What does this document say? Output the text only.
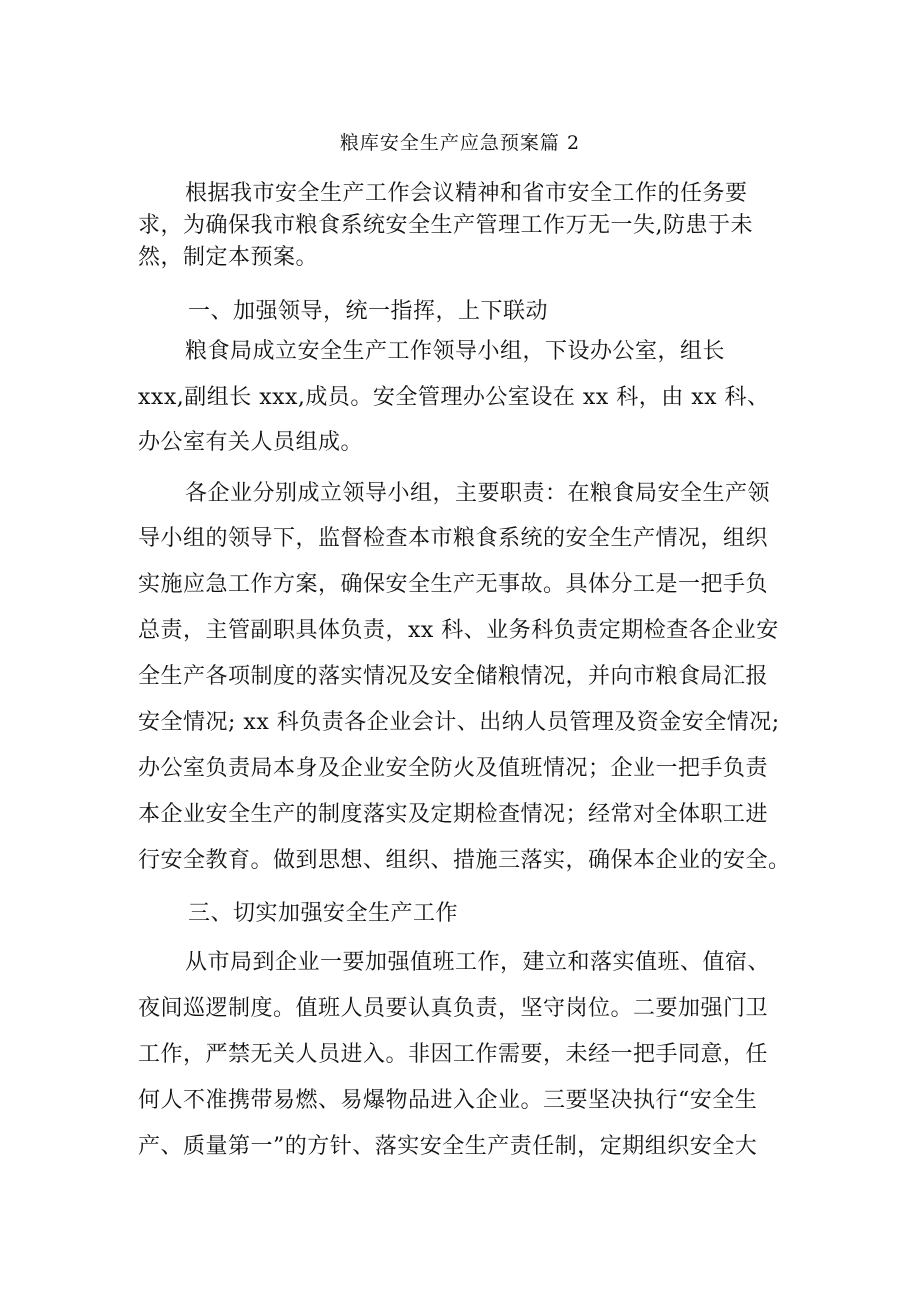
粮库安全生产应急预案篇 2
根据我市安全生产工作会议精神和省市安全工作的任务要
求，为确保我市粮食系统安全生产管理工作万无一失,防患于未
然，制定本预案。
一、加强领导，统一指挥，上下联动
粮食局成立安全生产工作领导小组，下设办公室，组长
xxx,副组长 xxx,成员。安全管理办公室设在 xx 科，由 xx 科、
办公室有关人员组成。
各企业分别成立领导小组，主要职责：在粮食局安全生产领
导小组的领导下，监督检查本市粮食系统的安全生产情况，组织
实施应急工作方案，确保安全生产无事故。具体分工是一把手负
总责，主管副职具体负责，xx 科、业务科负责定期检查各企业安
全生产各项制度的落实情况及安全储粮情况，并向市粮食局汇报
安全情况; xx 科负责各企业会计、出纳人员管理及资金安全情况;
办公室负责局本身及企业安全防火及值班情况；企业一把手负责
本企业安全生产的制度落实及定期检查情况；经常对全体职工进
行安全教育。做到思想、组织、措施三落实，确保本企业的安全。
三、切实加强安全生产工作
从市局到企业一要加强值班工作，建立和落实值班、值宿、
夜间巡逻制度。值班人员要认真负责，坚守岗位。二要加强门卫
工作，严禁无关人员进入。非因工作需要，未经一把手同意，任
何人不准携带易燃、易爆物品进入企业。三要坚决执行“安全生
产、质量第一”的方针、落实安全生产责任制，定期组织安全大
